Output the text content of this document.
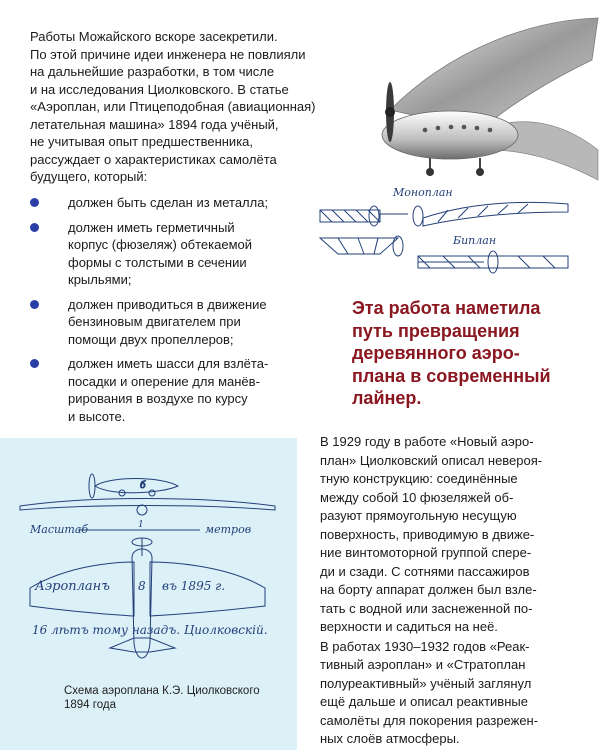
Работы Можайского вскоре засекретили.
По этой причине идеи инженера не повлияли
на дальнейшие разработки, в том числе
и на исследования Циолковского. В статье
«Аэроплан, или Птицеподобная (авиационная)
летательная машина» 1894 года учёный,
не учитывая опыт предшественника,
рассуждает о характеристиках самолёта
будущего, который:

должен быть сделан из металла;
должен иметь герметичный
корпус (фюзеляж) обтекаемой
формы с толстыми в сечении
крыльями;
должен приводиться в движение
бензиновым двигателем при
помощи двух пропеллеров;
должен иметь шасси для взлёта-
посадки и оперение для манёв-
рирования в воздухе по курсу
и высоте.
Моноплан
Биплан

Эта работа наметила
путь превращения
деревянного аэро-
плана в современный
лайнер.

б
Масштаб	1	метров
Аэропланъ 8 въ 1895 г.
16 лѣтъ тому назадъ. Циолковскій.

Схема аэроплана К.Э. Циолковского
1894 года

В 1929 году в работе «Новый аэро-
план» Циолковский описал невероя-
тную конструкцию: соединённые
между собой 10 фюзеляжей об-
разуют прямоугольную несущую
поверхность, приводимую в движе-
ние винтомоторной группой спере-
ди и сзади. С сотнями пассажиров
на борту аппарат должен был взле-
тать с водной или заснеженной по-
верхности и садиться на неё.

В работах 1930–1932 годов «Реак-
тивный аэроплан» и «Стратоплан
полуреактивный» учёный заглянул
ещё дальше и описал реактивные
самолёты для покорения разрежен-
ных слоёв атмосферы.
